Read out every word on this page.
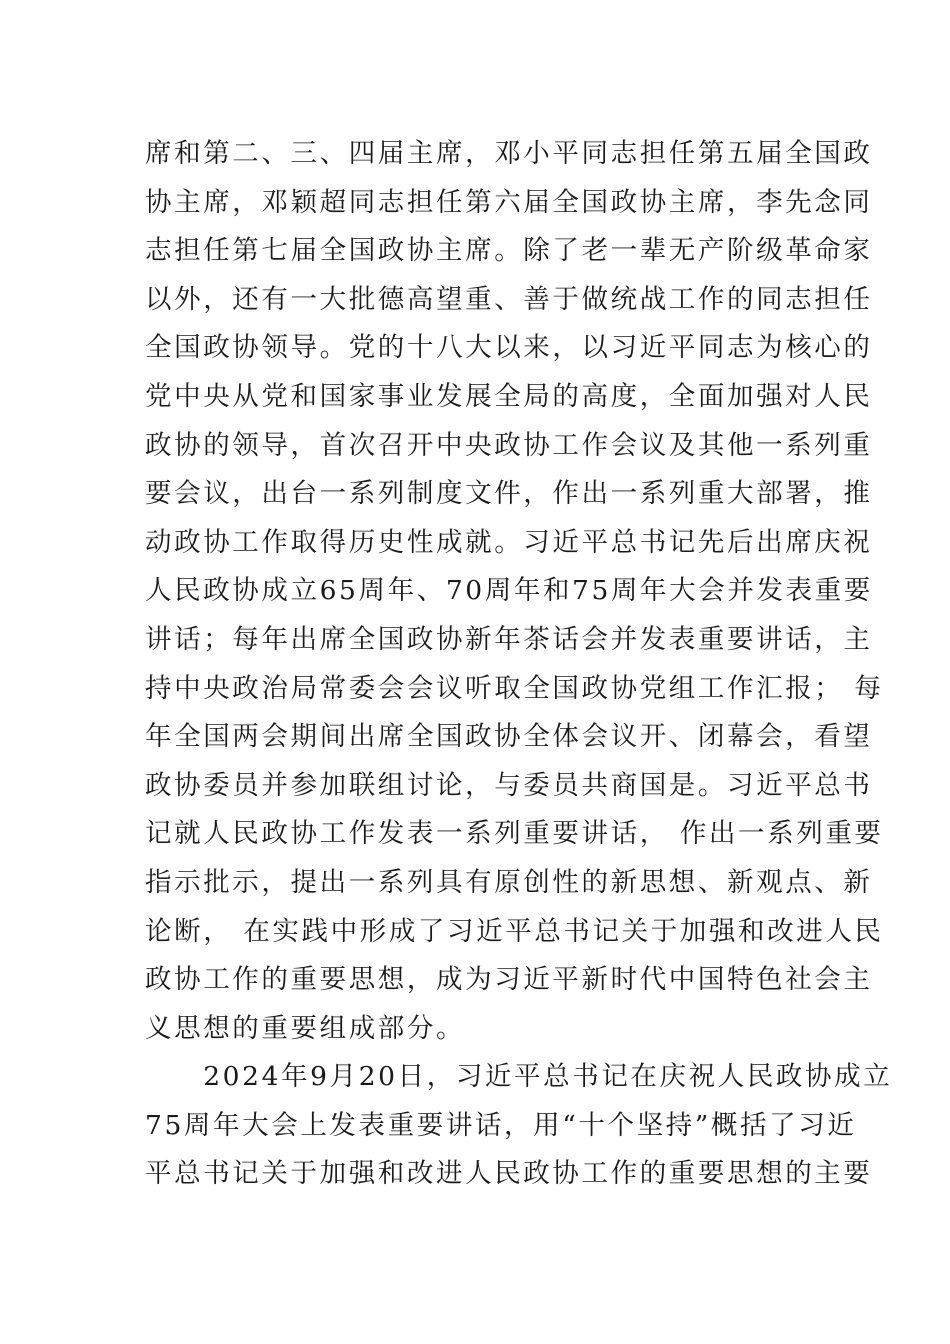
席和第二、三、四届主席，邓小平同志担任第五届全国政
协主席，邓颖超同志担任第六届全国政协主席，李先念同
志担任第七届全国政协主席。除了老一辈无产阶级革命家
以外，还有一大批德高望重、善于做统战工作的同志担任
全国政协领导。党的十八大以来，以习近平同志为核心的
党中央从党和国家事业发展全局的高度，全面加强对人民
政协的领导，首次召开中央政协工作会议及其他一系列重
要会议，出台一系列制度文件，作出一系列重大部署，推
动政协工作取得历史性成就。习近平总书记先后出席庆祝
人民政协成立65周年、70周年和75周年大会并发表重要
讲话；每年出席全国政协新年茶话会并发表重要讲话，主
持中央政治局常委会会议听取全国政协党组工作汇报； 每
年全国两会期间出席全国政协全体会议开、闭幕会，看望
政协委员并参加联组讨论，与委员共商国是。习近平总书
记就人民政协工作发表一系列重要讲话， 作出一系列重要
指示批示，提出一系列具有原创性的新思想、新观点、新
论断， 在实践中形成了习近平总书记关于加强和改进人民
政协工作的重要思想，成为习近平新时代中国特色社会主
义思想的重要组成部分。
　　2024年9月20日，习近平总书记在庆祝人民政协成立
75周年大会上发表重要讲话，用“十个坚持”概括了习近
平总书记关于加强和改进人民政协工作的重要思想的主要
